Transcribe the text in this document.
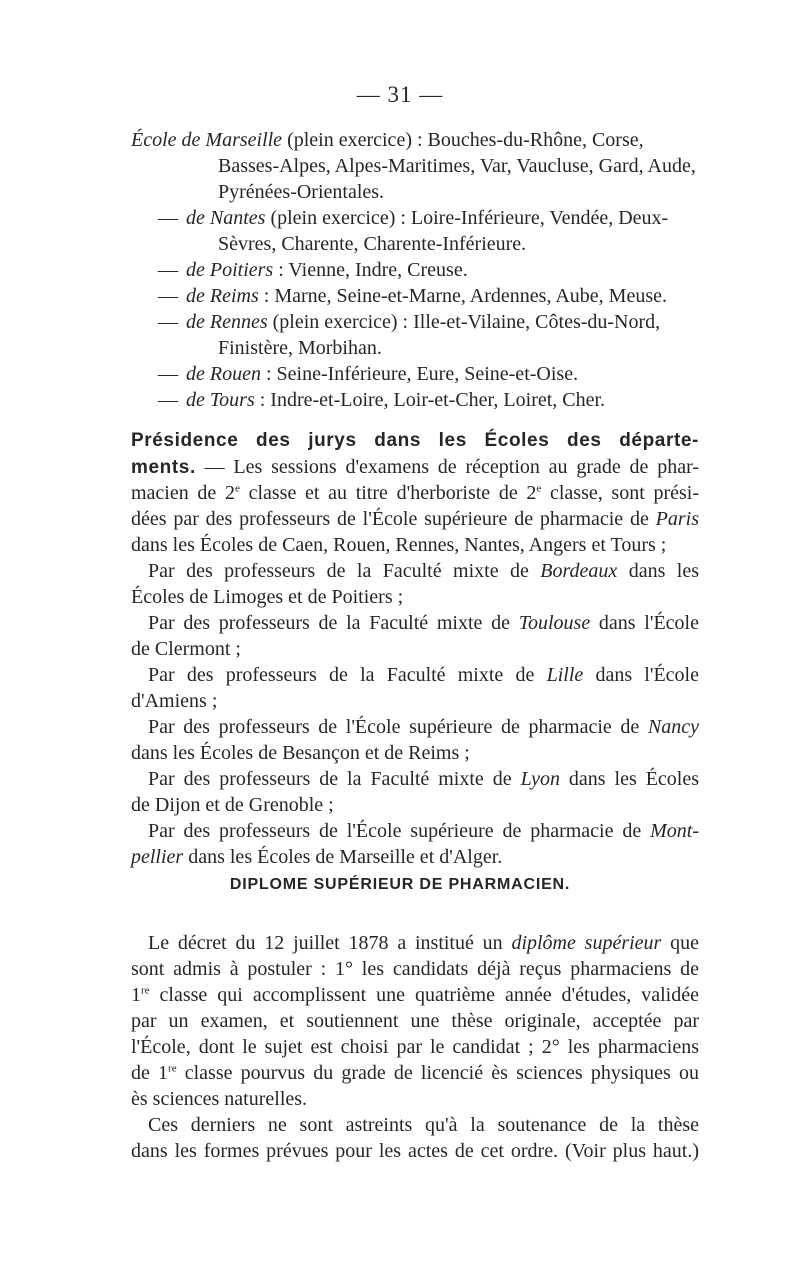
— 31 —
École de Marseille (plein exercice) : Bouches-du-Rhône, Corse,
Basses-Alpes, Alpes-Maritimes, Var, Vaucluse, Gard, Aude,
Pyrénées-Orientales.
— de Nantes (plein exercice) : Loire-Inférieure, Vendée, Deux-
Sèvres, Charente, Charente-Inférieure.
— de Poitiers : Vienne, Indre, Creuse.
— de Reims : Marne, Seine-et-Marne, Ardennes, Aube, Meuse.
— de Rennes (plein exercice) : Ille-et-Vilaine, Côtes-du-Nord,
Finistère, Morbihan.
— de Rouen : Seine-Inférieure, Eure, Seine-et-Oise.
— de Tours : Indre-et-Loire, Loir-et-Cher, Loiret, Cher.
Présidence des jurys dans les Écoles des départe-
ments. — Les sessions d'examens de réception au grade de phar-
macien de 2e classe et au titre d'herboriste de 2e classe, sont prési-
dées par des professeurs de l'École supérieure de pharmacie de Paris
dans les Écoles de Caen, Rouen, Rennes, Nantes, Angers et Tours ;
Par des professeurs de la Faculté mixte de Bordeaux dans les
Écoles de Limoges et de Poitiers ;
Par des professeurs de la Faculté mixte de Toulouse dans l'École
de Clermont ;
Par des professeurs de la Faculté mixte de Lille dans l'École
d'Amiens ;
Par des professeurs de l'École supérieure de pharmacie de Nancy
dans les Écoles de Besançon et de Reims ;
Par des professeurs de la Faculté mixte de Lyon dans les Écoles
de Dijon et de Grenoble ;
Par des professeurs de l'École supérieure de pharmacie de Mont-
pellier dans les Écoles de Marseille et d'Alger.
DIPLOME SUPÉRIEUR DE PHARMACIEN.
Le décret du 12 juillet 1878 a institué un diplôme supérieur que
sont admis à postuler : 1° les candidats déjà reçus pharmaciens de
1re classe qui accomplissent une quatrième année d'études, validée
par un examen, et soutiennent une thèse originale, acceptée par
l'École, dont le sujet est choisi par le candidat ; 2° les pharmaciens
de 1re classe pourvus du grade de licencié ès sciences physiques ou
ès sciences naturelles.
Ces derniers ne sont astreints qu'à la soutenance de la thèse
dans les formes prévues pour les actes de cet ordre. (Voir plus haut.)
